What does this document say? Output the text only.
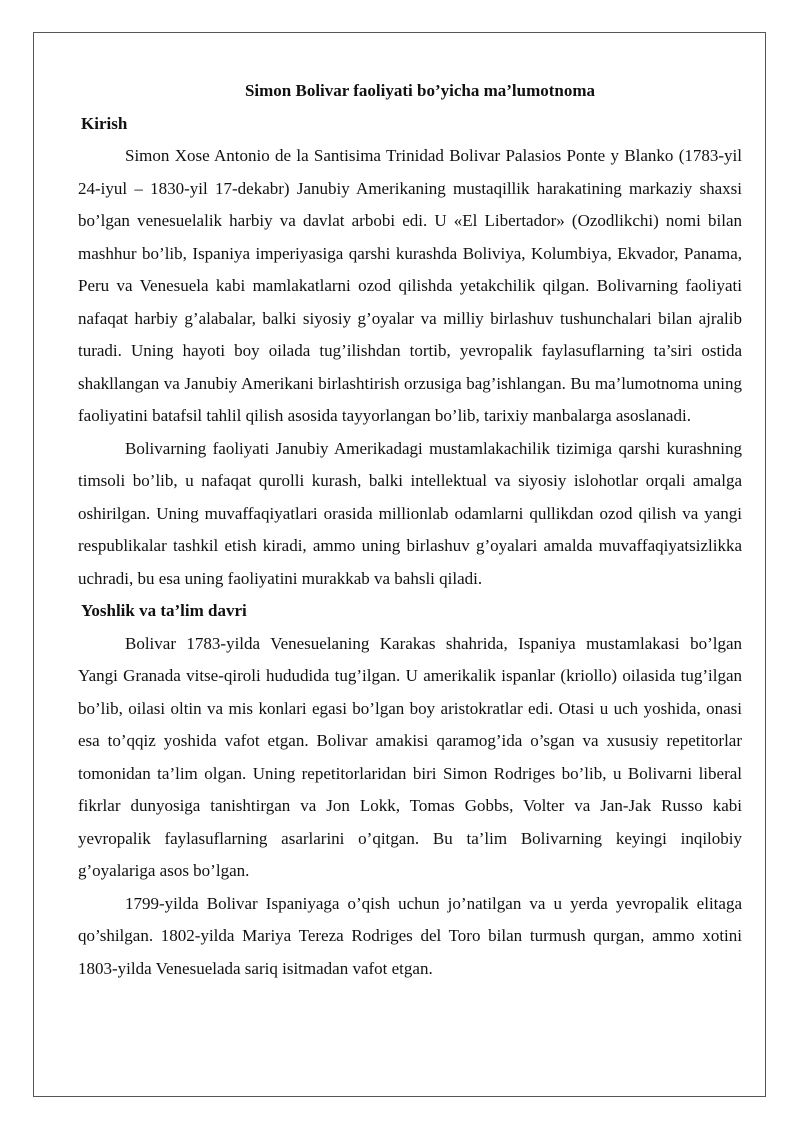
Simon Bolivar faoliyati bo’yicha ma’lumotnoma

Kirish

Simon Xose Antonio de la Santisima Trinidad Bolivar Palasios Ponte y Blanko (1783-yil 24-iyul – 1830-yil 17-dekabr) Janubiy Amerikaning mustaqillik harakatining markaziy shaxsi bo’lgan venesuelalik harbiy va davlat arbobi edi. U «El Libertador» (Ozodlikchi) nomi bilan mashhur bo’lib, Ispaniya imperiyasiga qarshi kurashda Boliviya, Kolumbiya, Ekvador, Panama, Peru va Venesuela kabi mamlakatlarni ozod qilishda yetakchilik qilgan. Bolivarning faoliyati nafaqat harbiy g’alabalar, balki siyosiy g’oyalar va milliy birlashuv tushunchalari bilan ajralib turadi. Uning hayoti boy oilada tug’ilishdan tortib, yevropalik faylasuflarning ta’siri ostida shakllangan va Janubiy Amerikani birlashtirish orzusiga bag’ishlangan. Bu ma’lumotnoma uning faoliyatini batafsil tahlil qilish asosida tayyorlangan bo’lib, tarixiy manbalarga asoslanadi.

Bolivarning faoliyati Janubiy Amerikadagi mustamlakachilik tizimiga qarshi kurashning timsoli bo’lib, u nafaqat qurolli kurash, balki intellektual va siyosiy islohotlar orqali amalga oshirilgan. Uning muvaffaqiyatlari orasida millionlab odamlarni qullikdan ozod qilish va yangi respublikalar tashkil etish kiradi, ammo uning birlashuv g’oyalari amalda muvaffaqiyatsizlikka uchradi, bu esa uning faoliyatini murakkab va bahsli qiladi.

Yoshlik va ta’lim davri

Bolivar 1783-yilda Venesuelaning Karakas shahrida, Ispaniya mustamlakasi bo’lgan Yangi Granada vitse-qiroli hududida tug’ilgan. U amerikalik ispanlar (kriollo) oilasida tug’ilgan bo’lib, oilasi oltin va mis konlari egasi bo’lgan boy aristokratlar edi. Otasi u uch yoshida, onasi esa to’qqiz yoshida vafot etgan. Bolivar amakisi qaramog’ida o’sgan va xususiy repetitorlar tomonidan ta’lim olgan. Uning repetitorlaridan biri Simon Rodriges bo’lib, u Bolivarni liberal fikrlar dunyosiga tanishtirgan va Jon Lokk, Tomas Gobbs, Volter va Jan-Jak Russo kabi yevropalik faylasuflarning asarlarini o’qitgan. Bu ta’lim Bolivarning keyingi inqilobiy g’oyalariga asos bo’lgan.

1799-yilda Bolivar Ispaniyaga o’qish uchun jo’natilgan va u yerda yevropalik elitaga qo’shilgan. 1802-yilda Mariya Tereza Rodriges del Toro bilan turmush qurgan, ammo xotini 1803-yilda Venesuelada sariq isitmadan vafot etgan.
